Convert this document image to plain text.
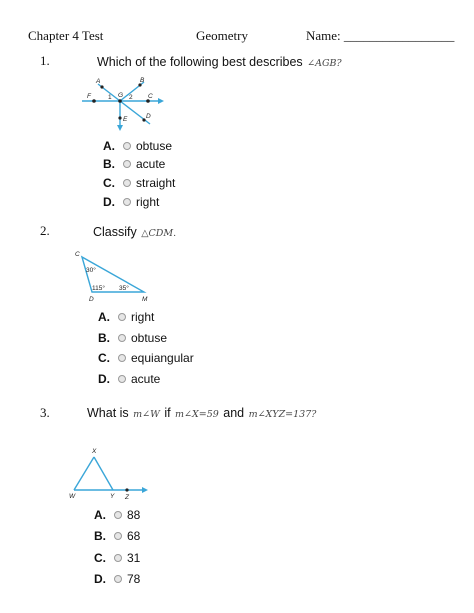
Chapter 4 Test	Geometry	Name: _________________
1.	Which of the following best describes ∠AGB?
A	B
F	1 G 2 C
D
E
A.	obtuse
B.	acute
C.	straight
D.	right
2.	Classify △CDM.
C
30°
115° 35°
D	M
A.	right
B.	obtuse
C.	equiangular
D.	acute
3.	What is m∠W if m∠X=59 and m∠XYZ=137?
X
W	Y Z
A.	88
B.	68
C.	31
D.	78
